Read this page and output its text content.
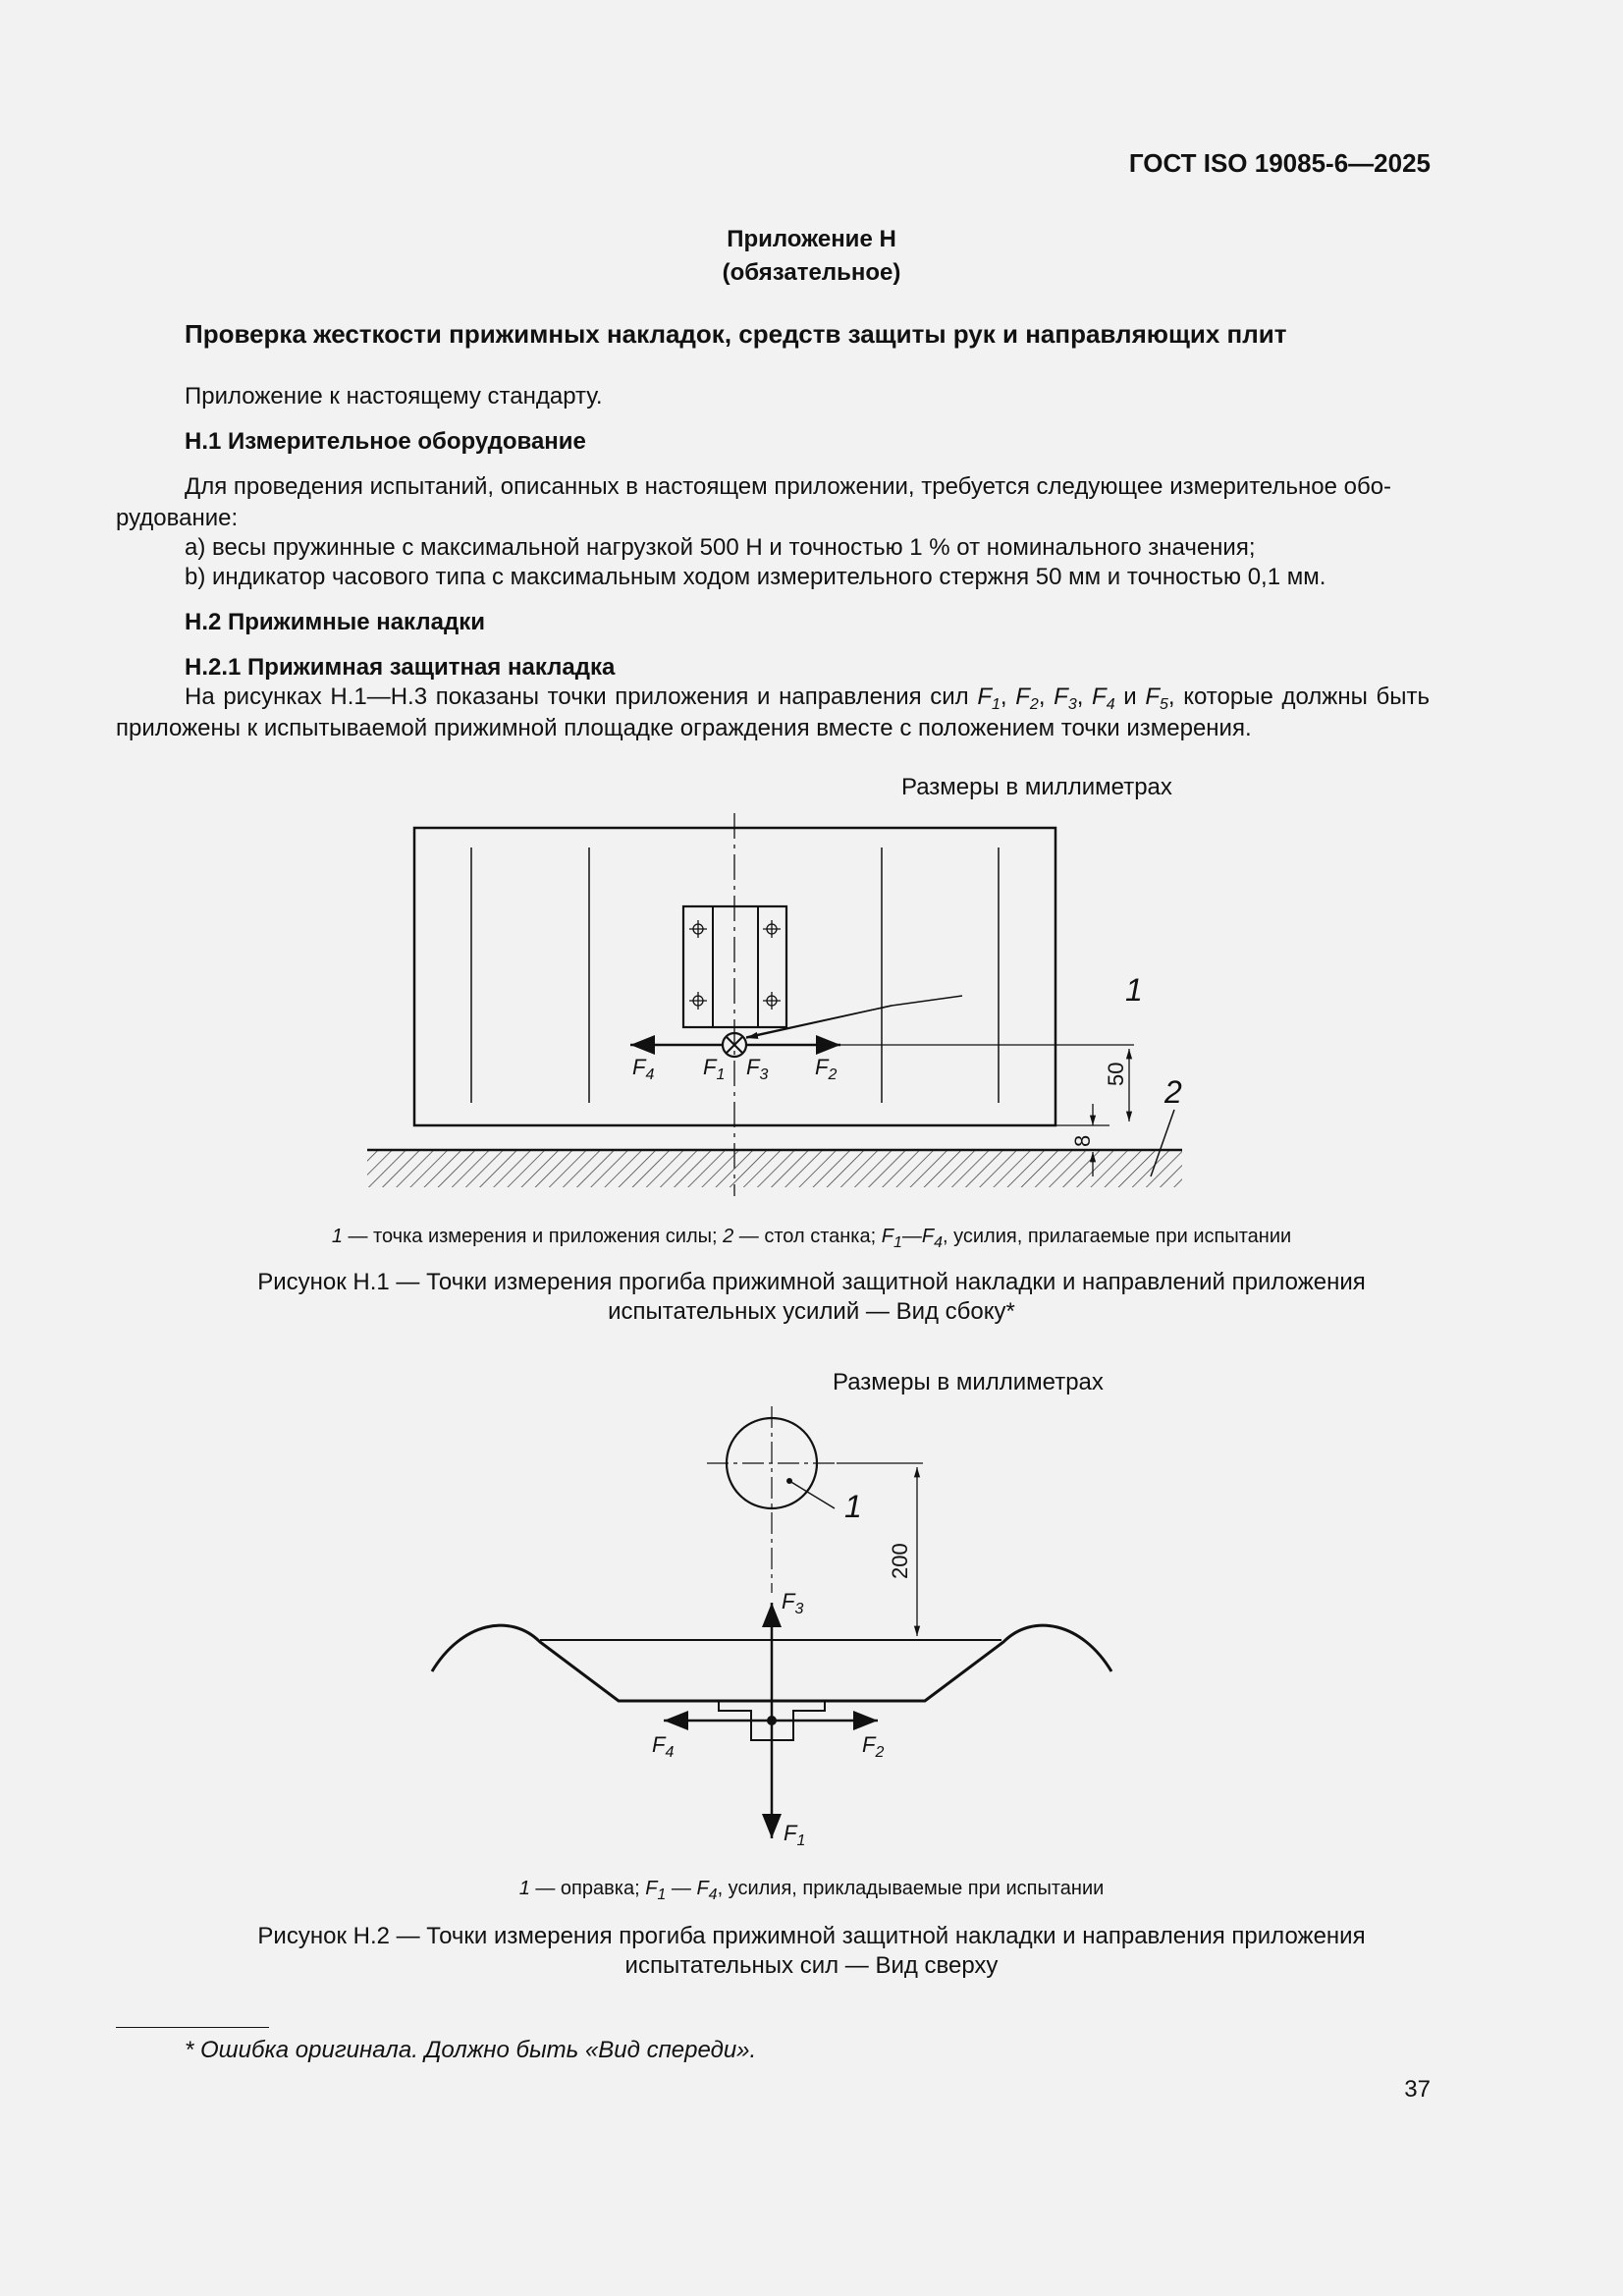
ГОСТ ISO 19085-6—2025
Приложение Н
(обязательное)
Проверка жесткости прижимных накладок, средств защиты рук и направляющих плит
Приложение к настоящему стандарту.
Н.1 Измерительное оборудование
Для проведения испытаний, описанных в настоящем приложении, требуется следующее измерительное обо-
рудование:
a) весы пружинные с максимальной нагрузкой 500 Н и точностью 1 % от номинального значения;
b) индикатор часового типа с максимальным ходом измерительного стержня 50 мм и точностью 0,1 мм.
Н.2 Прижимные накладки
Н.2.1 Прижимная защитная накладка
На рисунках Н.1—Н.3 показаны точки приложения и направления сил $F_1$, $F_2$, $F_3$, $F_4$ и $F_5$, которые должны быть приложены к испытываемой прижимной площадке ограждения вместе с положением точки измерения.
Размеры в миллиметрах
1
2
$F_4$ $F_1$ $F_3$ $F_2$	50
8
1 — точка измерения и приложения силы; 2 — стол станка; $F_1—F_4$, усилия, прилагаемые при испытании
Рисунок Н.1 — Точки измерения прогиба прижимной защитной накладки и направлений приложения
испытательных усилий — Вид сбоку*
Размеры в миллиметрах
1
200
$F_3$
$F_4$	$F_2$
$F_1$
1 — оправка; $F_1$ — $F_4$, усилия, прикладываемые при испытании
Рисунок Н.2 — Точки измерения прогиба прижимной защитной накладки и направления приложения
испытательных сил — Вид сверху
* Ошибка оригинала. Должно быть «Вид спереди».
37
